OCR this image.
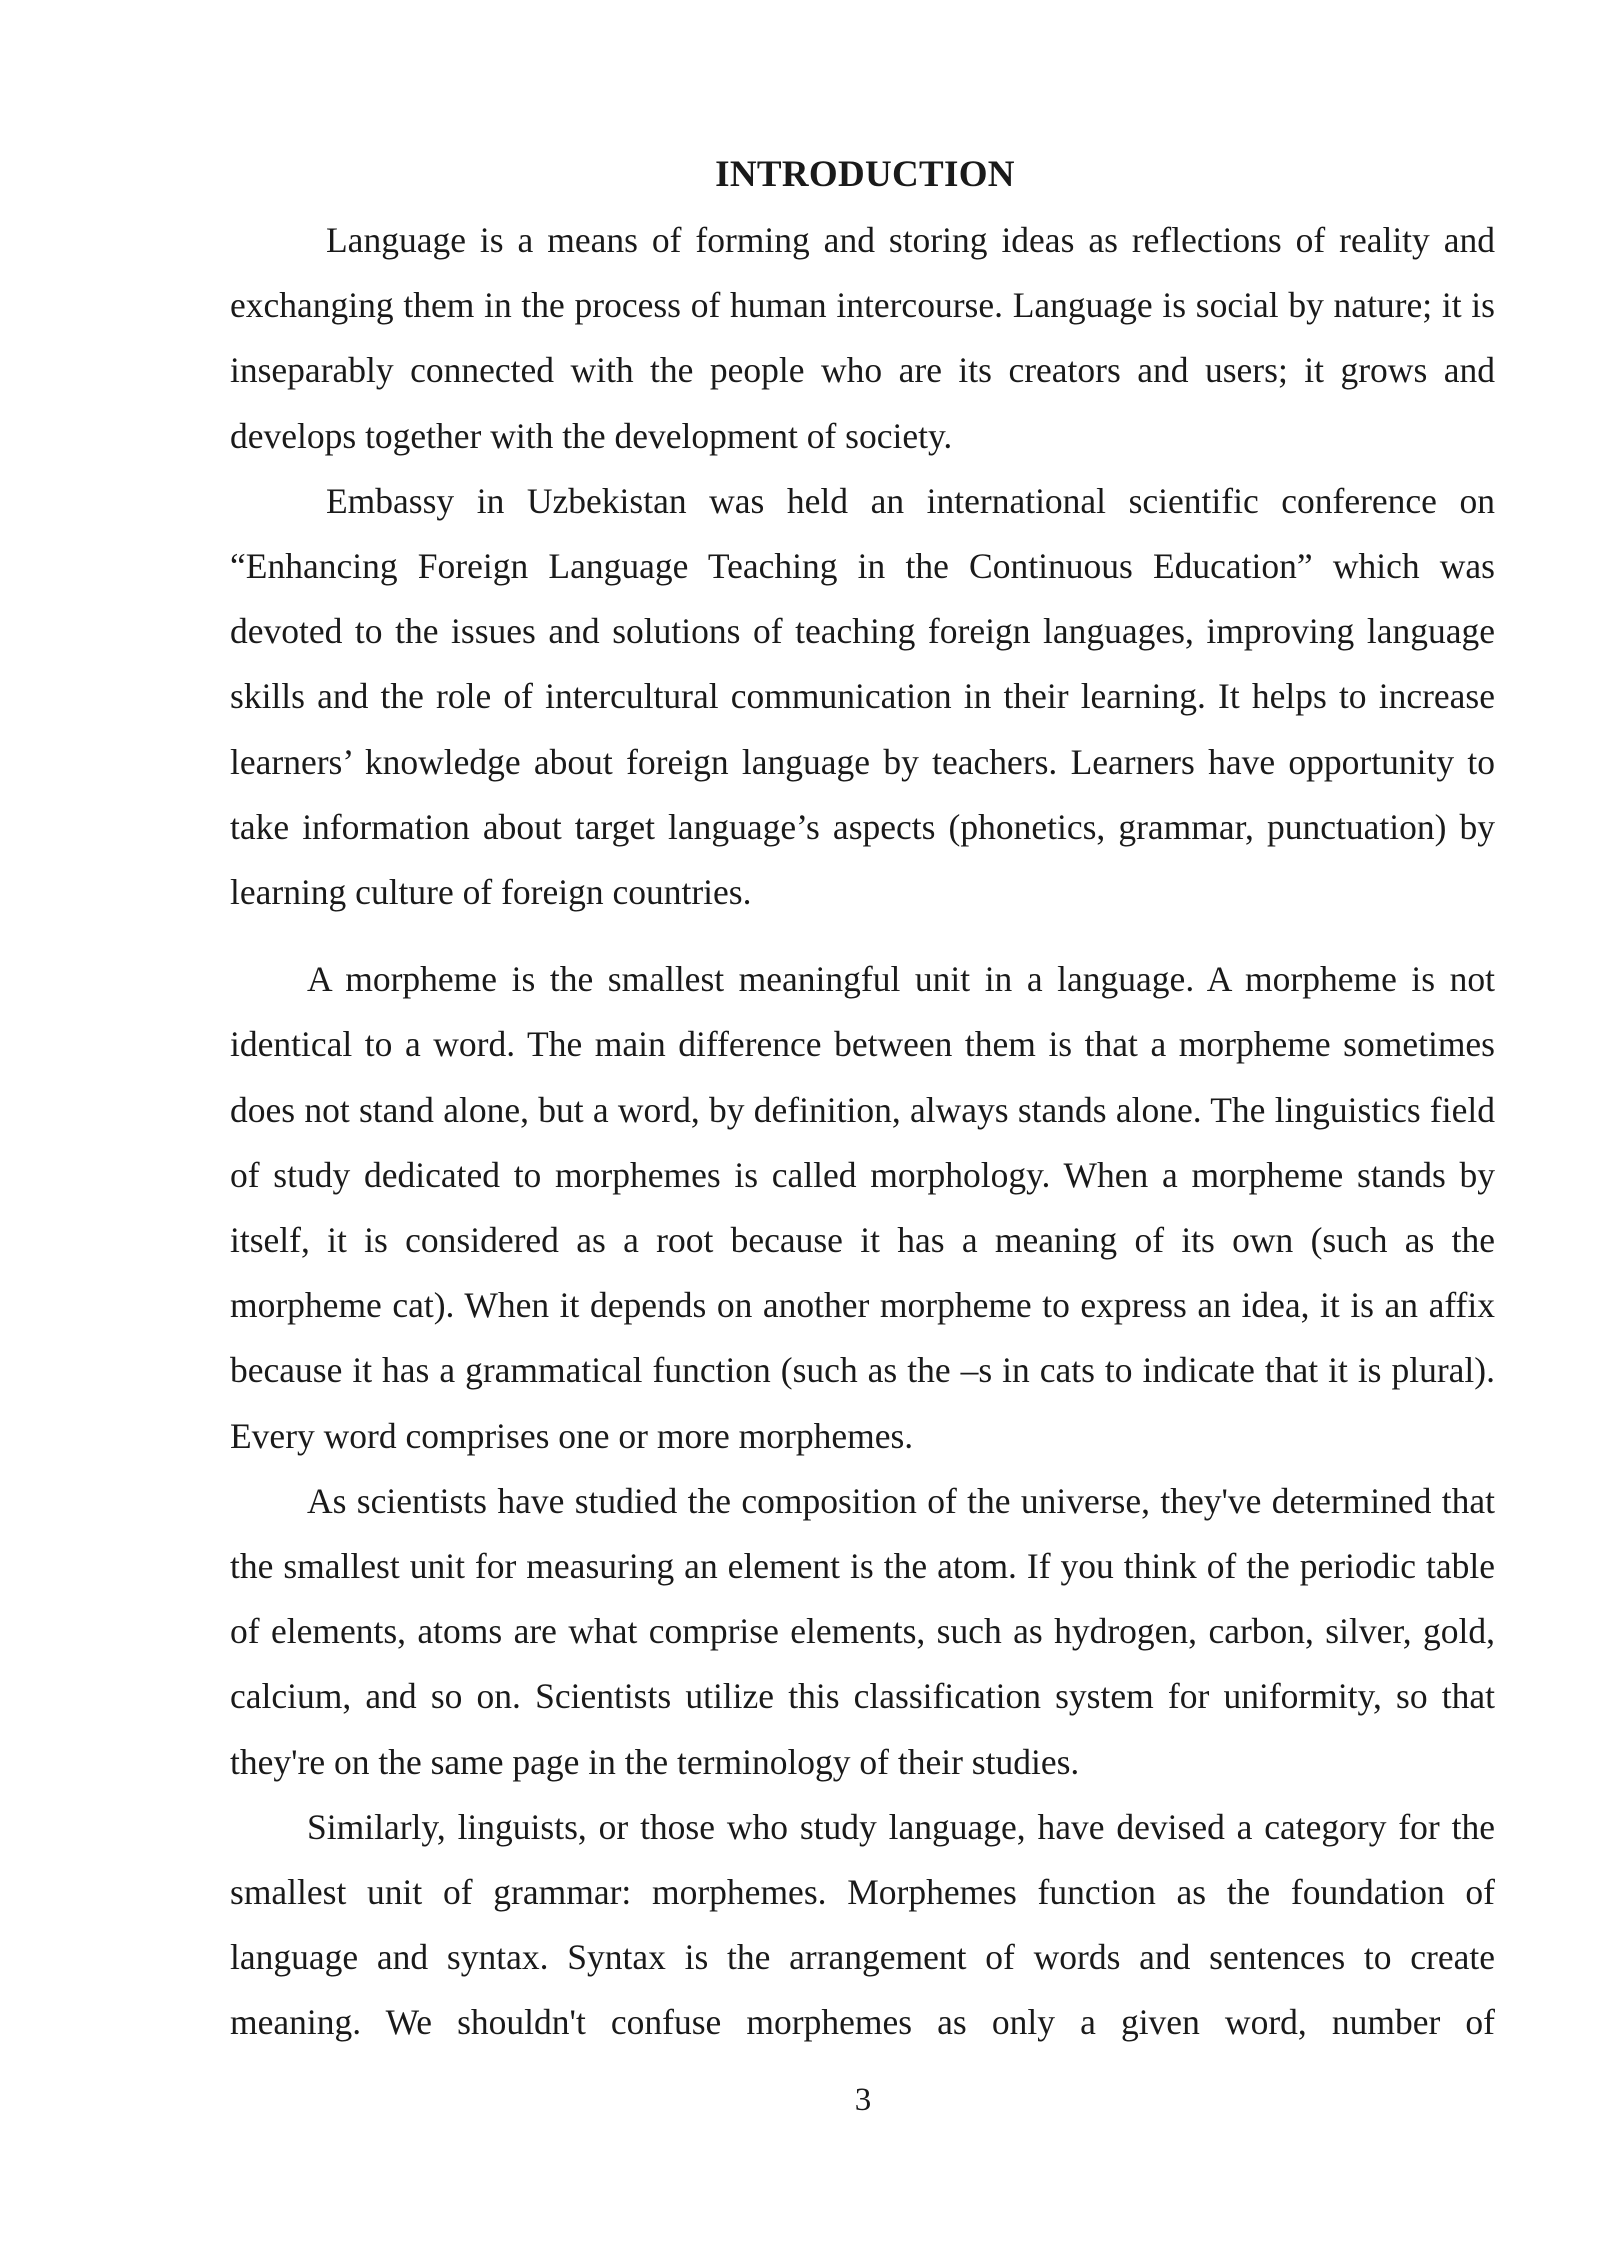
INTRODUCTION

Language is a means of forming and storing ideas as reflections of reality and exchanging them in the process of human intercourse. Language is social by nature; it is inseparably connected with the people who are its creators and users; it grows and develops together with the development of society.

Embassy in Uzbekistan was held an international scientific conference on “Enhancing Foreign Language Teaching in the Continuous Education” which was devoted to the issues and solutions of teaching foreign languages, improving language skills and the role of intercultural communication in their learning. It helps to increase learners’ knowledge about foreign language by teachers. Learners have opportunity to take information about target language’s aspects (phonetics, grammar, punctuation) by learning culture of foreign countries.

A morpheme is the smallest meaningful unit in a language. A morpheme is not identical to a word. The main difference between them is that a morpheme sometimes does not stand alone, but a word, by definition, always stands alone. The linguistics field of study dedicated to morphemes is called morphology. When a morpheme stands by itself, it is considered as a root because it has a meaning of its own (such as the morpheme cat). When it depends on another morpheme to express an idea, it is an affix because it has a grammatical function (such as the –s in cats to indicate that it is plural). Every word comprises one or more morphemes.

As scientists have studied the composition of the universe, they've determined that the smallest unit for measuring an element is the atom. If you think of the periodic table of elements, atoms are what comprise elements, such as hydrogen, carbon, silver, gold, calcium, and so on. Scientists utilize this classification system for uniformity, so that they're on the same page in the terminology of their studies.

Similarly, linguists, or those who study language, have devised a category for the smallest unit of grammar: morphemes. Morphemes function as the foundation of language and syntax. Syntax is the arrangement of words and sentences to create meaning. We shouldn't confuse morphemes as only a given word, number of

3
